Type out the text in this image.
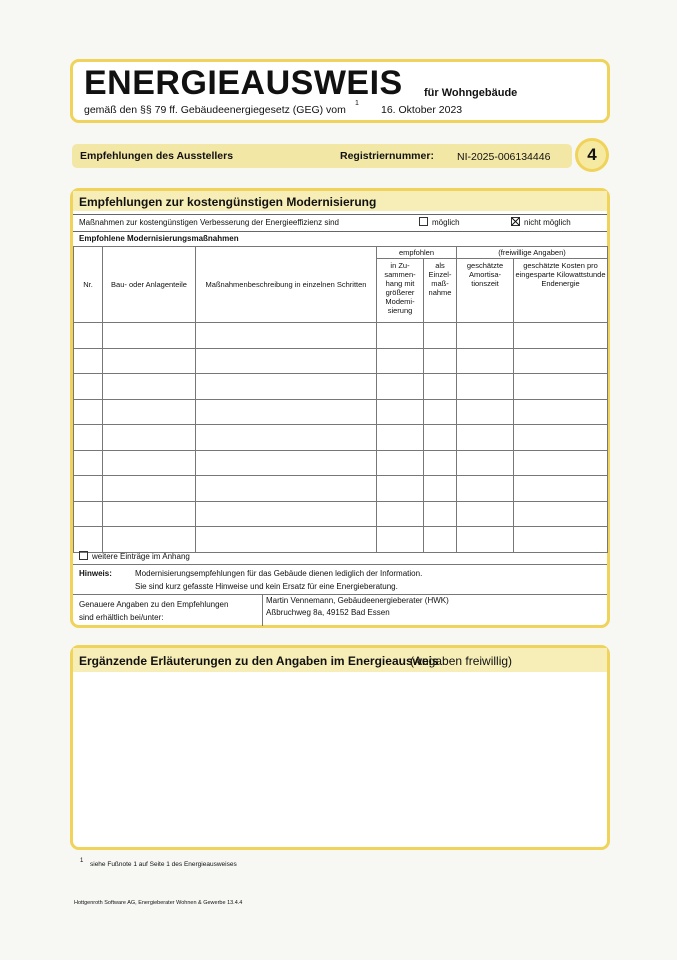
ENERGIEAUSWEIS für Wohngebäude
gemäß den §§ 79 ff. Gebäudeenergiegesetz (GEG) vom
1
16. Oktober 2023
Empfehlungen des Ausstellers	Registriernummer: NI-2025-006134446	4
Empfehlungen zur kostengünstigen Modernisierung
Maßnahmen zur kostengünstigen Verbesserung der Energieeffizienz sind	möglich	nicht möglich
Empfohlene Modernisierungsmaßnahmen
Nr.	Bau- oder Anlagenteile	Maßnahmenbeschreibung in einzelnen Schritten	empfohlen		(freiwillige Angaben)	
			in Zu-sammen-hang mit größerer Modemi-sierung	als Einzel-maß-nahme	geschätzte Amortisa-tionszeit	geschätzte Kosten pro eingesparte Kilowattstunde Endenergie

weitere Einträge im Anhang
Hinweis:	Modernisierungsempfehlungen für das Gebäude dienen lediglich der Information.
Sie sind kurz gefasste Hinweise und kein Ersatz für eine Energieberatung.
Genauere Angaben zu den Empfehlungen
sind erhältlich bei/unter:
Martin Vennemann, Gebäudeenergieberater (HWK)
Aßbruchweg 8a, 49152 Bad Essen
Ergänzende Erläuterungen zu den Angaben im Energieausweis
(Angaben freiwillig)
1 siehe Fußnote 1 auf Seite 1 des Energieausweises
Hottgenroth Software AG, Energieberater Wohnen & Gewerbe 13.4.4
